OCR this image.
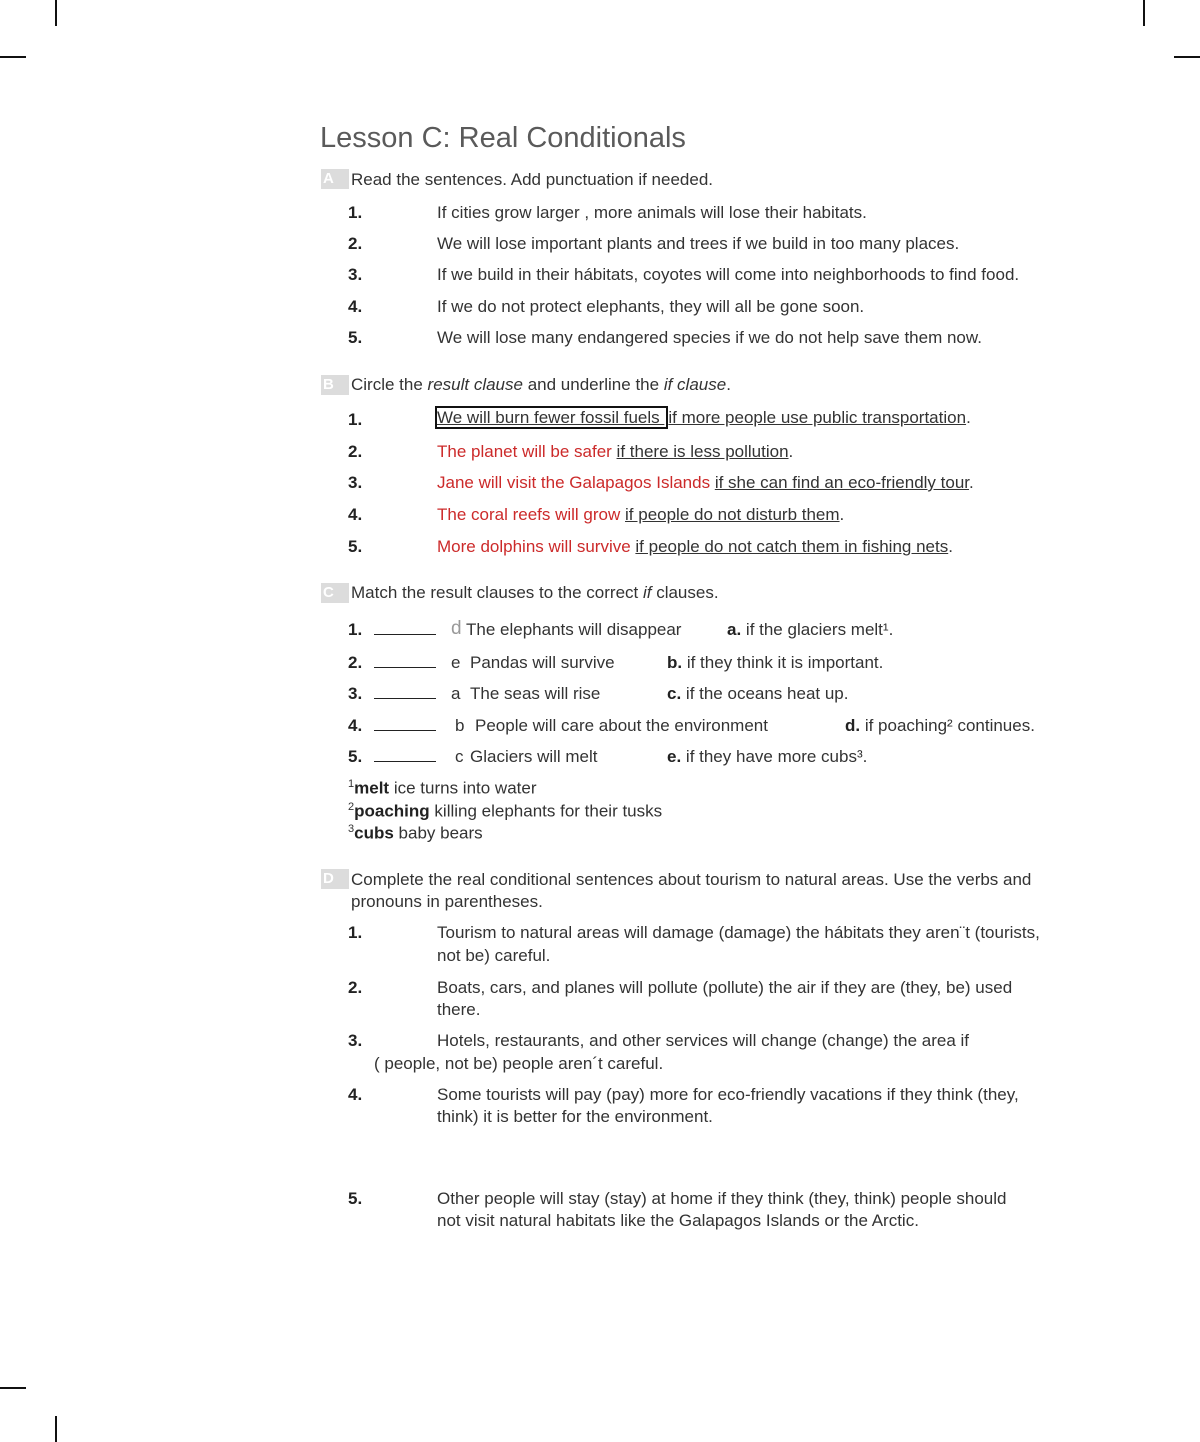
Lesson C: Real Conditionals
A	Read the sentences. Add punctuation if needed.
1.	If cities grow larger , more animals will lose their habitats.
2.	We will lose important plants and trees if we build in too many places.
3.	If we build in their hábitats, coyotes will come into neighborhoods to find food.
4.	If we do not protect elephants, they will all be gone soon.
5.	We will lose many endangered species if we do not help save them now.
B	Circle the result clause and underline the if clause.
1.	We will burn fewer fossil fuels if more people use public transportation.
2.	The planet will be safer if there is less pollution.
3.	Jane will visit the Galapagos Islands if she can find an eco-friendly tour.
4.	The coral reefs will grow if people do not disturb them.
5.	More dolphins will survive if people do not catch them in fishing nets.
C	Match the result clauses to the correct if clauses.
1.	d The elephants will disappear	a. if the glaciers melt¹.
2.	e Pandas will survive	b. if they think it is important.
3.	a The seas will rise	c. if the oceans heat up.
4.	b People will care about the environment	d. if poaching² continues.
5.	c Glaciers will melt	e. if they have more cubs³.
$^1$melt ice turns into water
$^2$poaching killing elephants for their tusks
$^3$cubs baby bears
D	Complete the real conditional sentences about tourism to natural areas. Use the verbs and
pronouns in parentheses.
1.	Tourism to natural areas will damage (damage) the hábitats they aren¨t (tourists,
not be) careful.
2.	Boats, cars, and planes will pollute (pollute) the air if they are (they, be) used
there.
3.	Hotels, restaurants, and other services will change (change) the area if
( people, not be) people aren´t careful.
4.	Some tourists will pay (pay) more for eco-friendly vacations if they think (they,
think) it is better for the environment.
5.	Other people will stay (stay) at home if they think (they, think) people should
not visit natural habitats like the Galapagos Islands or the Arctic.
